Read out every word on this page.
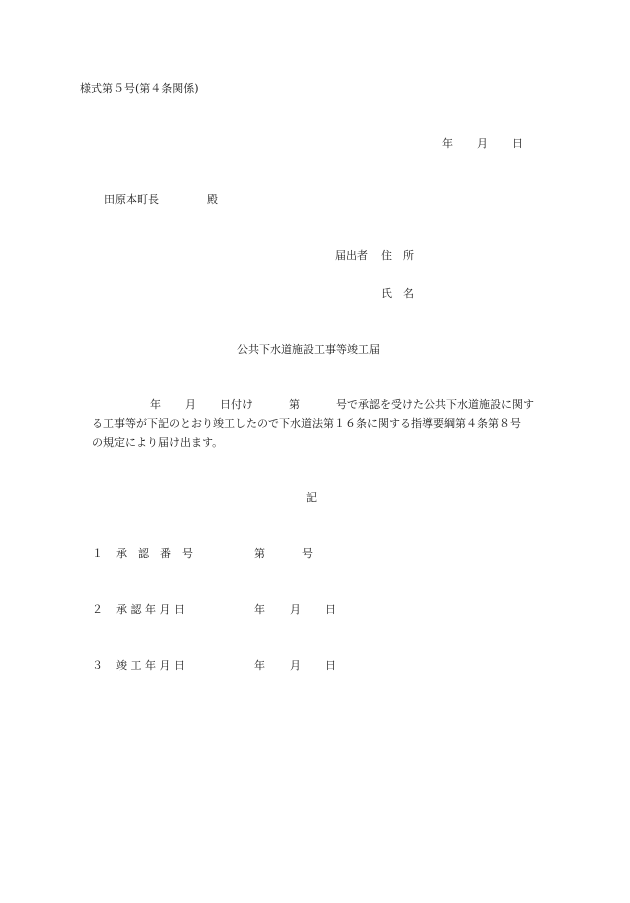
様式第５号(第４条関係)
年 月 日
田原本町長	殿
届出者 住　所
氏　名
公共下水道施設工事等竣工届
年 月 日付け	第	号で承認を受けた公共下水道施設に関す
る工事等が下記のとおり竣工したので下水道法第１６条に関する指導要綱第４条第８号
の規定により届け出ます。
記
１ 承　認　番　号	第	号
２ 承 認 年 月 日	年 月 日
３ 竣 工 年 月 日	年 月 日
